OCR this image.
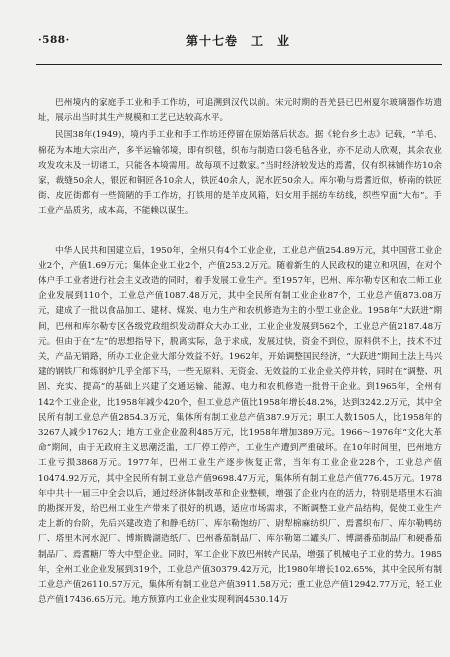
·588·	第十七卷　工　业

巴州境内的家庭手工业和手工作坊，可追溯到汉代以前。宋元时期的吾羌县已巴州夏尔玻璃器作坊遗址，展示出当时其生产规模和工艺已达较高水平。

民国38年(1949)，境内手工业和手工作坊还停留在原始落后状态。据《轮台乡土志》记载，“羊毛、棉花为本地大宗出产，多半运输邻境，即有织毯，织布与制造口袋毛毡各业，亦不足动人欣观，其余农业攻发攻末及一切诸工，只能各本境需用。故每项不过数家。”当时经济较发达的焉耆，仅有织袜铺作坊10余家，裁缝50余人，银匠和铜匠各10余人，铁匠40余人，泥水匠50余人。库尔勒与焉耆近似，桥南的铁匠街、皮匠街都有一些简陋的手工作坊，打铁用的是羊皮风箱，妇女用手摇纺车纺线，织些窄面“大布”。手工业产品质劣，成本高，不能赖以谋生。

中华人民共和国建立后，1950年，全州只有4个工业企业，工业总产值254.89万元，其中国营工业企业2个，产值1.69万元；集体企业工业2个，产值253.2万元。随着新生的人民政权的建立和巩固，在对个体户手工业者进行社会主义改造的同时，着手发展工业生产。至1957年，巴州、库尔勒专区和农二师工业企业发展到110个，工业总产值1087.48万元，其中全民所有制工业企业87个，工业总产值873.08万元，建成了一批以食品加工、建材、煤炭、电力生产和农机修造为主的小型工业企业。1958年“大跃进”期间，巴州和库尔勒专区各级党政组织发动群众大办工业，工业企业发展到562个，工业总产值2187.48万元。但由于在“左”的思想指导下，脱离实际，急于求成，发展过快，资金不到位，原料供不上，技术不过关，产品无销路，所办工业企业大部分效益不好。1962年，开始调整国民经济，“大跃进”期间土法上马兴建的钢铁厂和炼钢炉几乎全部下马，一些无原料、无资金、无效益的工业企业关停并转，同时在“调整、巩固、充实、提高”的基础上兴建了交通运输、能源、电力和农机修造一批骨干企业。到1965年，全州有142个工业企业，比1958年减少420个，但工业总产值比1958年增长48.2%，达到3242.2万元，其中全民所有制工业总产值2854.3万元，集体所有制工业总产值387.9万元；职工人数1505人，比1958年的3267人减少1762人；地方工业企业盈利485万元，比1958年增加389万元。1966～1976年“文化大革命”期间，由于无政府主义思潮泛滥，工厂停工停产，工业生产遭到严重破坏。在10年时间里，巴州地方工业亏损3868万元。1977年，巴州工业生产逐步恢复正常，当年有工业企业228个，工业总产值10474.92万元，其中全民所有制工业总产值9698.47万元，集体所有制工业总产值776.45万元。1978年中共十一届三中全会以后，通过经济体制改革和企业整顿，增强了企业内在的活力，特别是塔里木石油的勘探开发，给巴州工业生产带来了很好的机遇，适应市场需求，不断调整工业产品结构，促使工业生产走上新的台阶，先后兴建改造了和静毛纺厂、库尔勒饱纺厂、尉犁棉麻纺织厂、焉耆织布厂、库尔勒鸭纺厂、塔里木河水泥厂、博斯腾湖造纸厂、巴州番茄制品厂、库尔勒第二罐头厂、博湖番茄制品厂和硬番茄制品厂、焉耆糖厂等大中型企业。同时，军工企业下放巴州转产民品，增强了机械电子工业的势力。1985年，全州工业企业发展到319个，工业总产值30379.42万元，比1980年增长102.65%，其中全民所有制工业总产值26110.57万元，集体所有制工业总产值3911.58万元；重工业总产值12942.77万元，轻工业总产值17436.65万元。地方预算内工业企业实现利润4530.14万
